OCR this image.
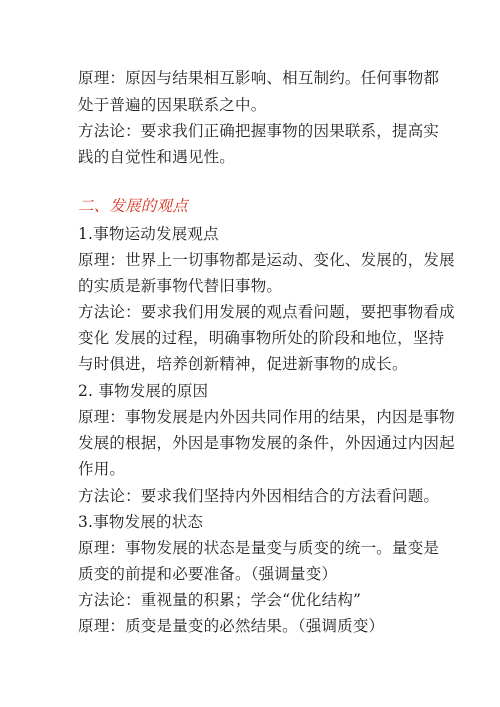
原理：原因与结果相互影响、相互制约。任何事物都
处于普遍的因果联系之中。
方法论：要求我们正确把握事物的因果联系，提高实
践的自觉性和遇见性。
二、发展的观点
1.事物运动发展观点
原理：世界上一切事物都是运动、变化、发展的，发展
的实质是新事物代替旧事物。
方法论：要求我们用发展的观点看问题，要把事物看成
变化 发展的过程，明确事物所处的阶段和地位，坚持
与时俱进，培养创新精神，促进新事物的成长。
2. 事物发展的原因
原理：事物发展是内外因共同作用的结果，内因是事物
发展的根据，外因是事物发展的条件，外因通过内因起
作用。
方法论：要求我们坚持内外因相结合的方法看问题。
3.事物发展的状态
原理：事物发展的状态是量变与质变的统一。量变是
质变的前提和必要准备。（强调量变）
方法论：重视量的积累；学会“优化结构”
原理：质变是量变的必然结果。（强调质变）
